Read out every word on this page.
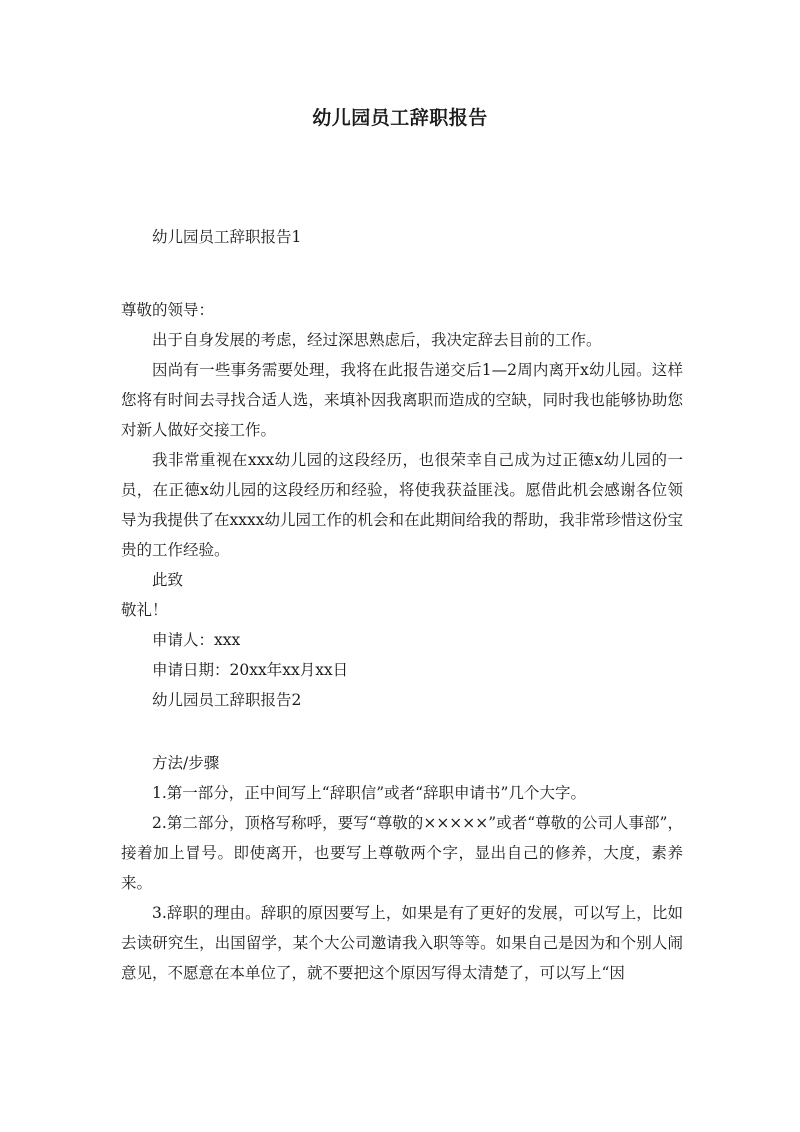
幼儿园员工辞职报告

幼儿园员工辞职报告1

尊敬的领导：

出于自身发展的考虑，经过深思熟虑后，我决定辞去目前的工作。

因尚有一些事务需要处理，我将在此报告递交后1—2周内离开x幼儿园。这样您将有时间去寻找合适人选，来填补因我离职而造成的空缺，同时我也能够协助您对新人做好交接工作。

我非常重视在xxx幼儿园的这段经历，也很荣幸自己成为过正德x幼儿园的一员，在正德x幼儿园的这段经历和经验，将使我获益匪浅。愿借此机会感谢各位领导为我提供了在xxxx幼儿园工作的机会和在此期间给我的帮助，我非常珍惜这份宝贵的工作经验。

此致

敬礼！

申请人：xxx

申请日期：20xx年xx月xx日

幼儿园员工辞职报告2

方法/步骤

1.第一部分，正中间写上“辞职信”或者“辞职申请书”几个大字。

2.第二部分，顶格写称呼，要写“尊敬的×××××”或者“尊敬的公司人事部”，接着加上冒号。即使离开，也要写上尊敬两个字，显出自己的修养，大度，素养来。

3.辞职的理由。辞职的原因要写上，如果是有了更好的发展，可以写上，比如去读研究生，出国留学，某个大公司邀请我入职等等。如果自己是因为和个别人闹意见，不愿意在本单位了，就不要把这个原因写得太清楚了，可以写上“因
